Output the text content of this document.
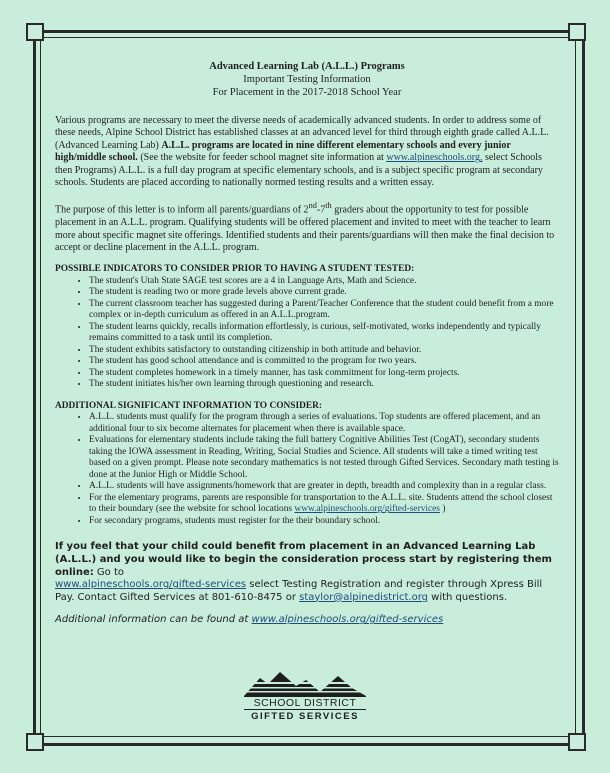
Advanced Learning Lab (A.L.L.) Programs
Important Testing Information
For Placement in the 2017-2018 School Year

Various programs are necessary to meet the diverse needs of academically advanced students. In order to address some of these needs, Alpine School District has established classes at an advanced level for third through eighth grade called A.L.L. (Advanced Learning Lab) A.L.L. programs are located in nine different elementary schools and every junior high/middle school. (See the website for feeder school magnet site information at www.alpineschools.org, select Schools then Programs) A.L.L. is a full day program at specific elementary schools, and is a subject specific program at secondary schools. Students are placed according to nationally normed testing results and a written essay.

The purpose of this letter is to inform all parents/guardians of 2nd-7th graders about the opportunity to test for possible placement in an A.L.L. program. Qualifying students will be offered placement and invited to meet with the teacher to learn more about specific magnet site offerings. Identified students and their parents/guardians will then make the final decision to accept or decline placement in the A.L.L. program.

POSSIBLE INDICATORS TO CONSIDER PRIOR TO HAVING A STUDENT TESTED:
• The student's Utah State SAGE test scores are a 4 in Language Arts, Math and Science.
• The student is reading two or more grade levels above current grade.
• The current classroom teacher has suggested during a Parent/Teacher Conference that the student could benefit from a more complex or in-depth curriculum as offered in an A.L.L.program.
• The student learns quickly, recalls information effortlessly, is curious, self-motivated, works independently and typically remains committed to a task until its completion.
• The student exhibits satisfactory to outstanding citizenship in both attitude and behavior.
• The student has good school attendance and is committed to the program for two years.
• The student completes homework in a timely manner, has task commitment for long-term projects.
• The student initiates his/her own learning through questioning and research.
ADDITIONAL SIGNIFICANT INFORMATION TO CONSIDER:
• A.L.L. students must qualify for the program through a series of evaluations. Top students are offered placement, and an additional four to six become alternates for placement when there is available space.
• Evaluations for elementary students include taking the full battery Cognitive Abilities Test (CogAT), secondary students taking the IOWA assessment in Reading, Writing, Social Studies and Science. All students will take a timed writing test based on a given prompt. Please note secondary mathematics is not tested through Gifted Services. Secondary math testing is done at the Junior High or Middle School.
• A.L.L. students will have assignments/homework that are greater in depth, breadth and complexity than in a regular class.
• For the elementary programs, parents are responsible for transportation to the A.L.L. site. Students attend the school closest to their boundary (see the website for school locations www.alpineschools.org/gifted-services )
• For secondary programs, students must register for the their boundary school.
If you feel that your child could benefit from placement in an Advanced Learning Lab (A.L.L.) and you would like to begin the consideration process start by registering them online: Go to
www.alpineschools.org/gifted-services select Testing Registration and register through Xpress Bill Pay. Contact Gifted Services at 801-610-8475 or staylor@alpinedistrict.org with questions.
Additional information can be found at www.alpineschools.org/gifted-services
SCHOOL DISTRICT
GIFTED SERVICES
